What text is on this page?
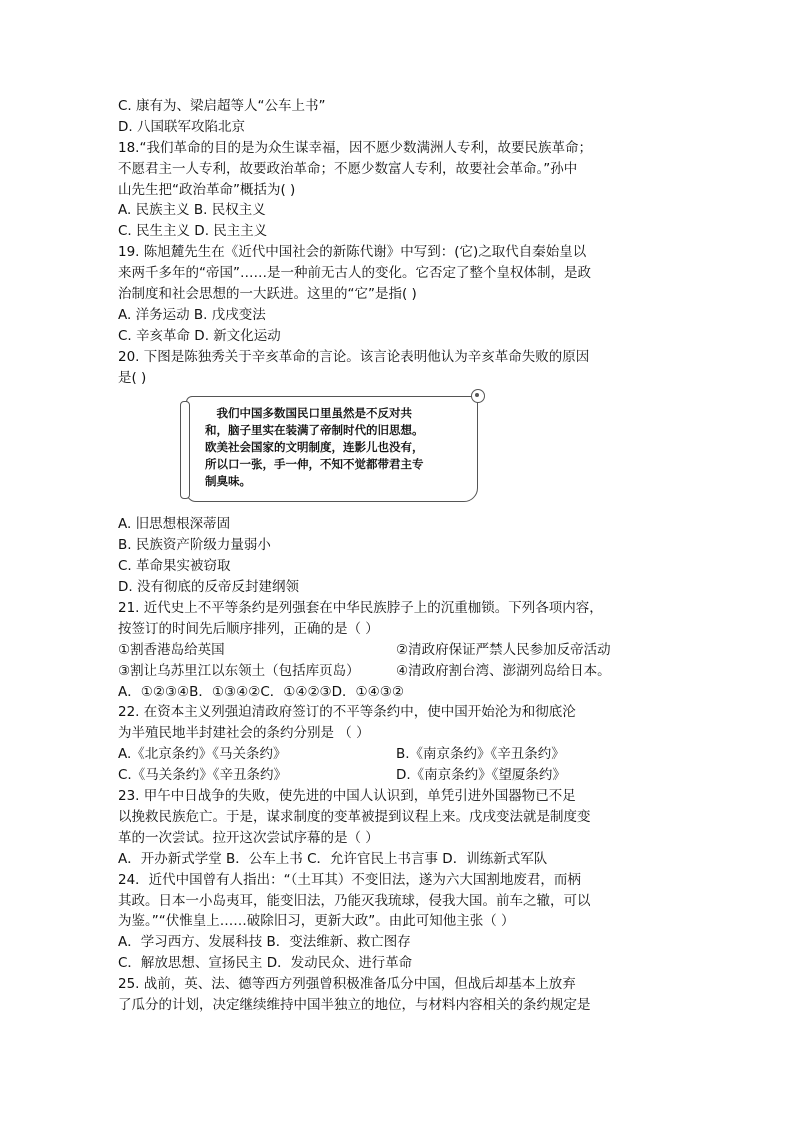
C. 康有为、梁启超等人“公车上书”
D. 八国联军攻陷北京
18.“我们革命的目的是为众生谋幸福，因不愿少数满洲人专利，故要民族革命；
不愿君主一人专利，故要政治革命；不愿少数富人专利，故要社会革命。”孙中
山先生把“政治革命”概括为( )
A. 民族主义 B. 民权主义
C. 民生主义 D. 民主主义
19. 陈旭麓先生在《近代中国社会的新陈代谢》中写到：(它)之取代自秦始皇以
来两千多年的“帝国”……是一种前无古人的变化。它否定了整个皇权体制，是政
治制度和社会思想的一大跃进。这里的“它”是指( )
A. 洋务运动 B. 戊戌变法
C. 辛亥革命 D. 新文化运动
20. 下图是陈独秀关于辛亥革命的言论。该言论表明他认为辛亥革命失败的原因
是( )
　我们中国多数国民口里虽然是不反对共
和，脑子里实在装满了帝制时代的旧思想。
欧美社会国家的文明制度，连影儿也没有，
所以口一张，手一伸，不知不觉都带君主专
制臭味。
A. 旧思想根深蒂固
B. 民族资产阶级力量弱小
C. 革命果实被窃取
D. 没有彻底的反帝反封建纲领
21. 近代史上不平等条约是列强套在中华民族脖子上的沉重枷锁。下列各项内容，
按签订的时间先后顺序排列，正确的是（ ）
①割香港岛给英国	②清政府保证严禁人民参加反帝活动
③割让乌苏里江以东领土（包括库页岛）	④清政府割台湾、澎湖列岛给日本。
A．①②③④B．①③④②C．①④②③D．①④③②
22. 在资本主义列强迫清政府签订的不平等条约中，使中国开始沦为和彻底沦
为半殖民地半封建社会的条约分别是 （ ）
A.《北京条约》《马关条约》	B.《南京条约》《辛丑条约》
C.《马关条约》《辛丑条约》	D.《南京条约》《望厦条约》
23. 甲午中日战争的失败，使先进的中国人认识到，单凭引进外国器物已不足
以挽救民族危亡。于是，谋求制度的变革被提到议程上来。戊戌变法就是制度变
革的一次尝试。拉开这次尝试序幕的是（ ）
A．开办新式学堂 B．公车上书 C．允许官民上书言事 D．训练新式军队
24．近代中国曾有人指出：“（土耳其）不变旧法，遂为六大国割地废君，而柄
其政。日本一小岛夷耳，能变旧法，乃能灭我琉球，侵我大国。前车之辙，可以
为鉴。”“伏惟皇上……破除旧习，更新大政”。由此可知他主张（ ）
A．学习西方、发展科技 B．变法维新、救亡图存
C．解放思想、宣扬民主 D．发动民众、进行革命
25. 战前，英、法、德等西方列强曾积极准备瓜分中国，但战后却基本上放弃
了瓜分的计划，决定继续维持中国半独立的地位，与材料内容相关的条约规定是
